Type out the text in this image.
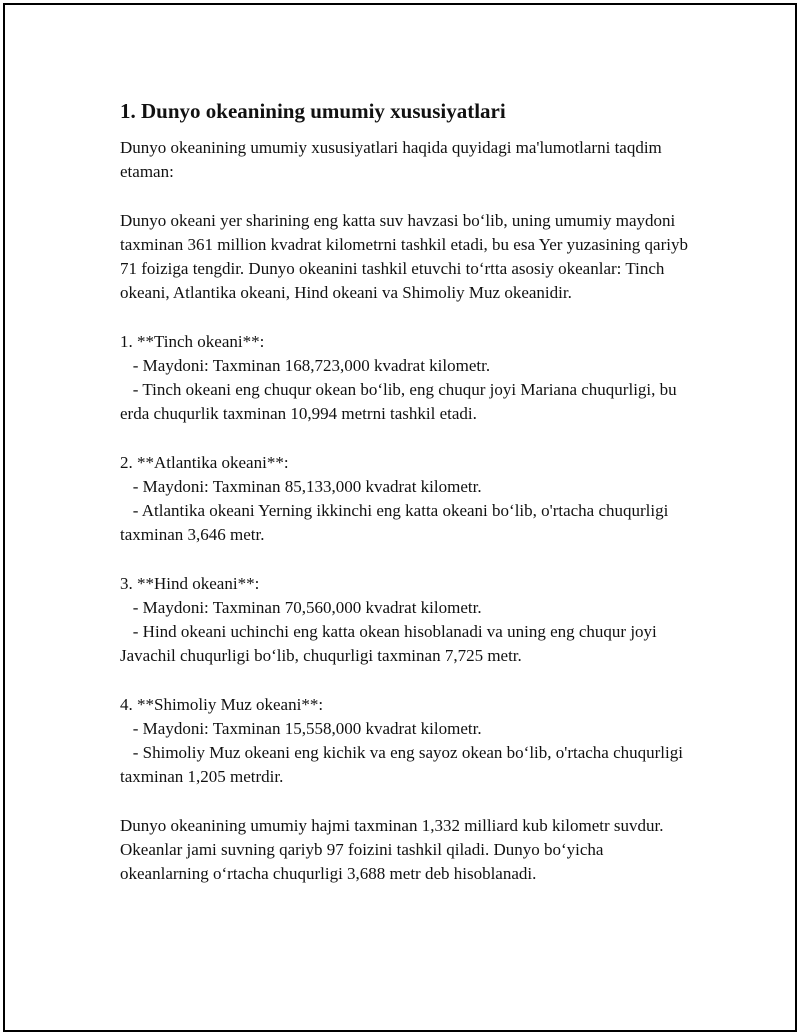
1. Dunyo okeanining umumiy xususiyatlari

Dunyo okeanining umumiy xususiyatlari haqida quyidagi ma'lumotlarni taqdim etaman:

Dunyo okeani yer sharining eng katta suv havzasi bo‘lib, uning umumiy maydoni taxminan 361 million kvadrat kilometrni tashkil etadi, bu esa Yer yuzasining qariyb 71 foiziga tengdir. Dunyo okeanini tashkil etuvchi to‘rtta asosiy okeanlar: Tinch okeani, Atlantika okeani, Hind okeani va Shimoliy Muz okeanidir.

1. **Tinch okeani**:

- Maydoni: Taxminan 168,723,000 kvadrat kilometr.

- Tinch okeani eng chuqur okean bo‘lib, eng chuqur joyi Mariana chuqurligi, bu erda chuqurlik taxminan 10,994 metrni tashkil etadi.

2. **Atlantika okeani**:

- Maydoni: Taxminan 85,133,000 kvadrat kilometr.

- Atlantika okeani Yerning ikkinchi eng katta okeani bo‘lib, o'rtacha chuqurligi taxminan 3,646 metr.

3. **Hind okeani**:

- Maydoni: Taxminan 70,560,000 kvadrat kilometr.

- Hind okeani uchinchi eng katta okean hisoblanadi va uning eng chuqur joyi Javachil chuqurligi bo‘lib, chuqurligi taxminan 7,725 metr.

4. **Shimoliy Muz okeani**:

- Maydoni: Taxminan 15,558,000 kvadrat kilometr.

- Shimoliy Muz okeani eng kichik va eng sayoz okean bo‘lib, o'rtacha chuqurligi taxminan 1,205 metrdir.

Dunyo okeanining umumiy hajmi taxminan 1,332 milliard kub kilometr suvdur. Okeanlar jami suvning qariyb 97 foizini tashkil qiladi. Dunyo bo‘yicha okeanlarning o‘rtacha chuqurligi 3,688 metr deb hisoblanadi.
